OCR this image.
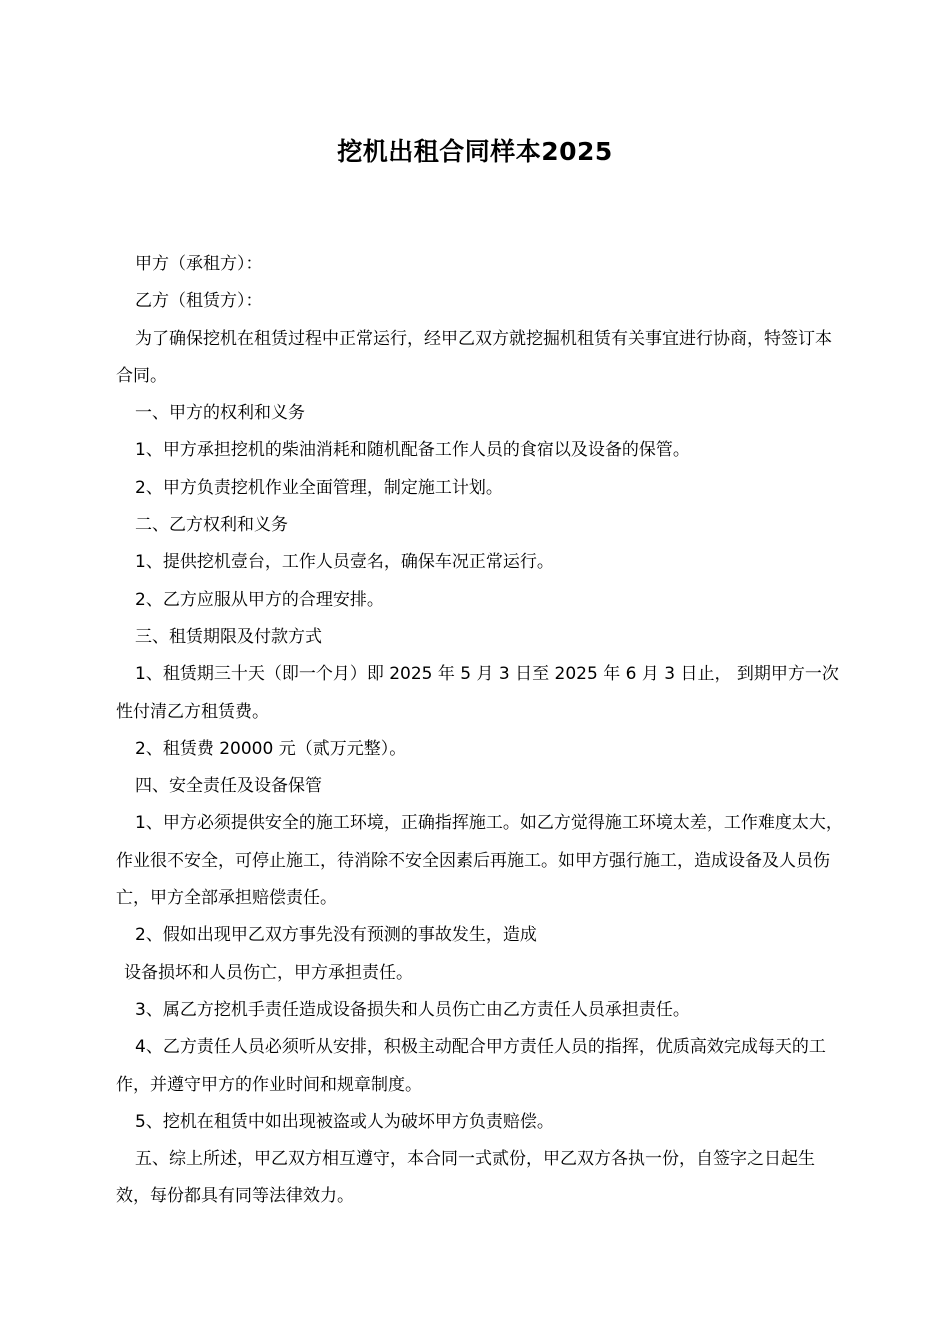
挖机出租合同样本2025

甲方（承租方）：

乙方（租赁方）：

为了确保挖机在租赁过程中正常运行，经甲乙双方就挖掘机租赁有关事宜进行协商，特签订本合同。

一、甲方的权利和义务

1、甲方承担挖机的柴油消耗和随机配备工作人员的食宿以及设备的保管。

2、甲方负责挖机作业全面管理，制定施工计划。

二、乙方权利和义务

1、提供挖机壹台，工作人员壹名，确保车况正常运行。

2、乙方应服从甲方的合理安排。

三、租赁期限及付款方式

1、租赁期三十天（即一个月）即 2025 年 5 月 3 日至 2025 年 6 月 3 日止， 到期甲方一次性付清乙方租赁费。

2、租赁费 20000 元（贰万元整）。

四、安全责任及设备保管

1、甲方必须提供安全的施工环境，正确指挥施工。如乙方觉得施工环境太差，工作难度太大，作业很不安全，可停止施工，待消除不安全因素后再施工。如甲方强行施工，造成设备及人员伤亡，甲方全部承担赔偿责任。

2、假如出现甲乙双方事先没有预测的事故发生，造成

设备损坏和人员伤亡，甲方承担责任。

3、属乙方挖机手责任造成设备损失和人员伤亡由乙方责任人员承担责任。

4、乙方责任人员必须听从安排，积极主动配合甲方责任人员的指挥，优质高效完成每天的工作，并遵守甲方的作业时间和规章制度。

5、挖机在租赁中如出现被盗或人为破坏甲方负责赔偿。

五、综上所述，甲乙双方相互遵守，本合同一式贰份，甲乙双方各执一份，自签字之日起生效，每份都具有同等法律效力。
